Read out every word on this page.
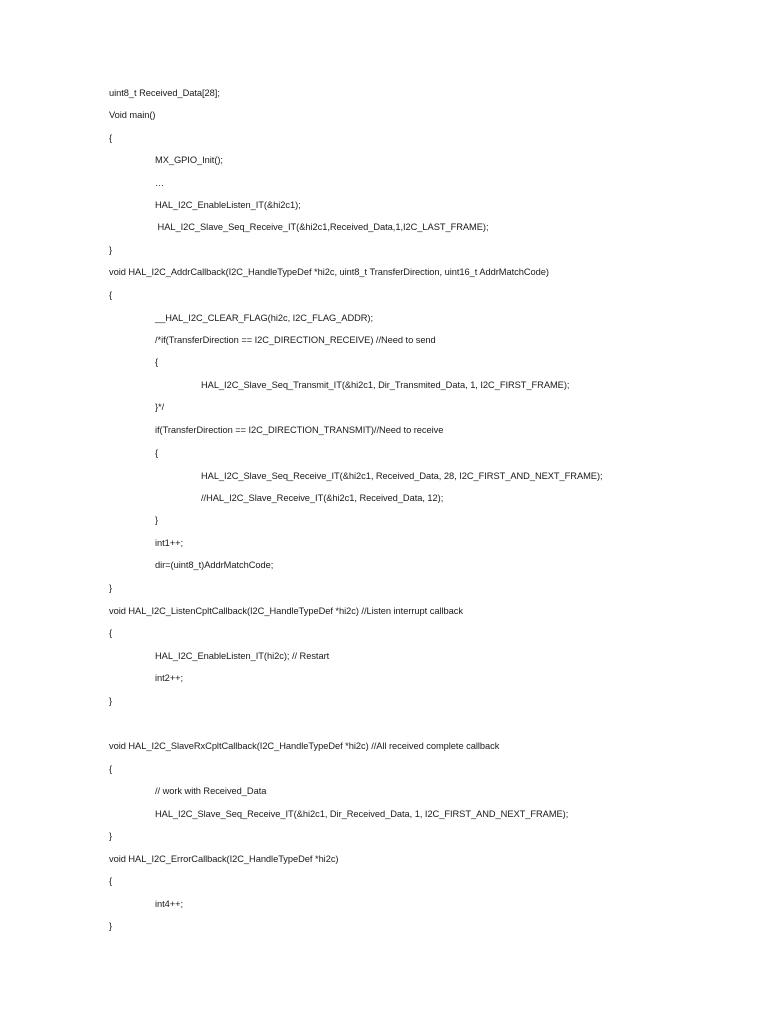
uint8_t Received_Data[28];
Void main()
{
MX_GPIO_Init();
…
HAL_I2C_EnableListen_IT(&hi2c1);
HAL_I2C_Slave_Seq_Receive_IT(&hi2c1,Received_Data,1,I2C_LAST_FRAME);
}
void HAL_I2C_AddrCallback(I2C_HandleTypeDef *hi2c, uint8_t TransferDirection, uint16_t AddrMatchCode)
{
__HAL_I2C_CLEAR_FLAG(hi2c, I2C_FLAG_ADDR);
/*if(TransferDirection == I2C_DIRECTION_RECEIVE) //Need to send
{
HAL_I2C_Slave_Seq_Transmit_IT(&hi2c1, Dir_Transmited_Data, 1, I2C_FIRST_FRAME);
}*/
if(TransferDirection == I2C_DIRECTION_TRANSMIT)//Need to receive
{
HAL_I2C_Slave_Seq_Receive_IT(&hi2c1, Received_Data, 28, I2C_FIRST_AND_NEXT_FRAME);
//HAL_I2C_Slave_Receive_IT(&hi2c1, Received_Data, 12);
}
int1++;
dir=(uint8_t)AddrMatchCode;
}
void HAL_I2C_ListenCpltCallback(I2C_HandleTypeDef *hi2c) //Listen interrupt callback
{
HAL_I2C_EnableListen_IT(hi2c); // Restart
int2++;
}
void HAL_I2C_SlaveRxCpltCallback(I2C_HandleTypeDef *hi2c) //All received complete callback
{
// work with Received_Data
HAL_I2C_Slave_Seq_Receive_IT(&hi2c1, Dir_Received_Data, 1, I2C_FIRST_AND_NEXT_FRAME);
}
void HAL_I2C_ErrorCallback(I2C_HandleTypeDef *hi2c)
{
int4++;
}
